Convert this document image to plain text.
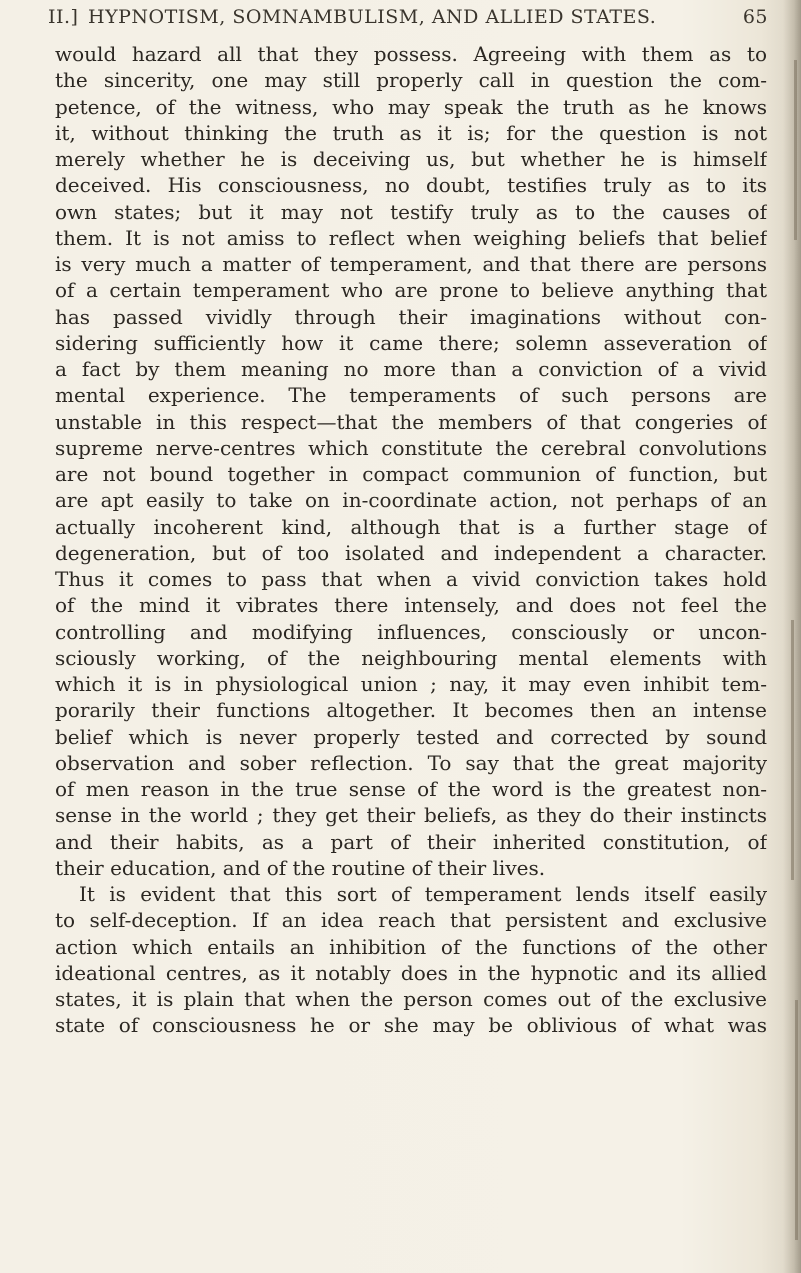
II.] HYPNOTISM, SOMNAMBULISM, AND ALLIED STATES.	65
would hazard all that they possess. Agreeing with them as to
the sincerity, one may still properly call in question the com-
petence, of the witness, who may speak the truth as he knows
it, without thinking the truth as it is; for the question is not
merely whether he is deceiving us, but whether he is himself
deceived. His consciousness, no doubt, testifies truly as to its
own states; but it may not testify truly as to the causes of
them. It is not amiss to reflect when weighing beliefs that belief
is very much a matter of temperament, and that there are persons
of a certain temperament who are prone to believe anything that
has passed vividly through their imaginations without con-
sidering sufficiently how it came there; solemn asseveration of
a fact by them meaning no more than a conviction of a vivid
mental experience. The temperaments of such persons are
unstable in this respect—that the members of that congeries of
supreme nerve-centres which constitute the cerebral convolutions
are not bound together in compact communion of function, but
are apt easily to take on in-coordinate action, not perhaps of an
actually incoherent kind, although that is a further stage of
degeneration, but of too isolated and independent a character.
Thus it comes to pass that when a vivid conviction takes hold
of the mind it vibrates there intensely, and does not feel the
controlling and modifying influences, consciously or uncon-
sciously working, of the neighbouring mental elements with
which it is in physiological union ; nay, it may even inhibit tem-
porarily their functions altogether. It becomes then an intense
belief which is never properly tested and corrected by sound
observation and sober reflection. To say that the great majority
of men reason in the true sense of the word is the greatest non-
sense in the world ; they get their beliefs, as they do their instincts
and their habits, as a part of their inherited constitution, of
their education, and of the routine of their lives.
It is evident that this sort of temperament lends itself easily
to self-deception. If an idea reach that persistent and exclusive
action which entails an inhibition of the functions of the other
ideational centres, as it notably does in the hypnotic and its allied
states, it is plain that when the person comes out of the exclusive
state of consciousness he or she may be oblivious of what was
